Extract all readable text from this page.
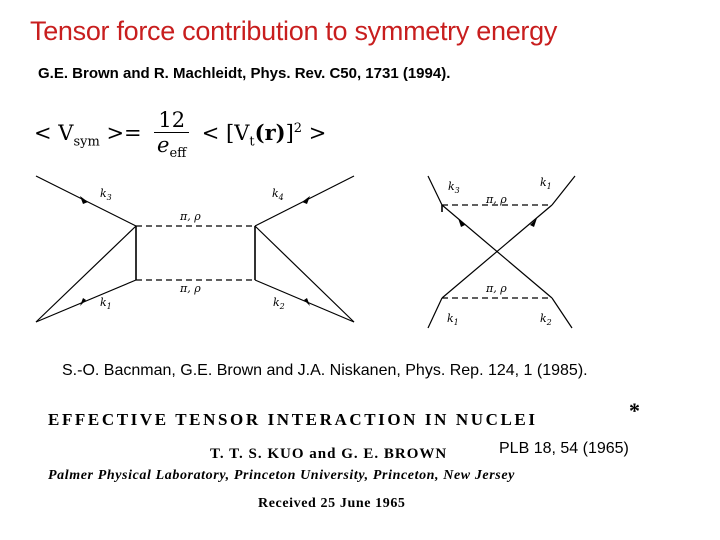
Tensor force contribution to symmetry energy
G.E. Brown and R. Machleidt, Phys. Rev. C50, 1731 (1994).
< $V_{sym}$ >=
12
$e_{eff}$
< $[V_t(r)]^2$ >
$k_3$	$k_4$
$k_1$	$k_2$
π, ρ
π, ρ
$k_3$
$k_1$
$k_1$	$k_2$
π, ρ
π, ρ
S.-O. Bacnman, G.E. Brown and J.A. Niskanen, Phys. Rep. 124, 1 (1985).
EFFECTIVE TENSOR INTERACTION IN NUCLEI	*
T. T. S. KUO and G. E. BROWN	PLB 18, 54 (1965)
Palmer Physical Laboratory, Princeton University, Princeton, New Jersey
Received 25 June 1965
